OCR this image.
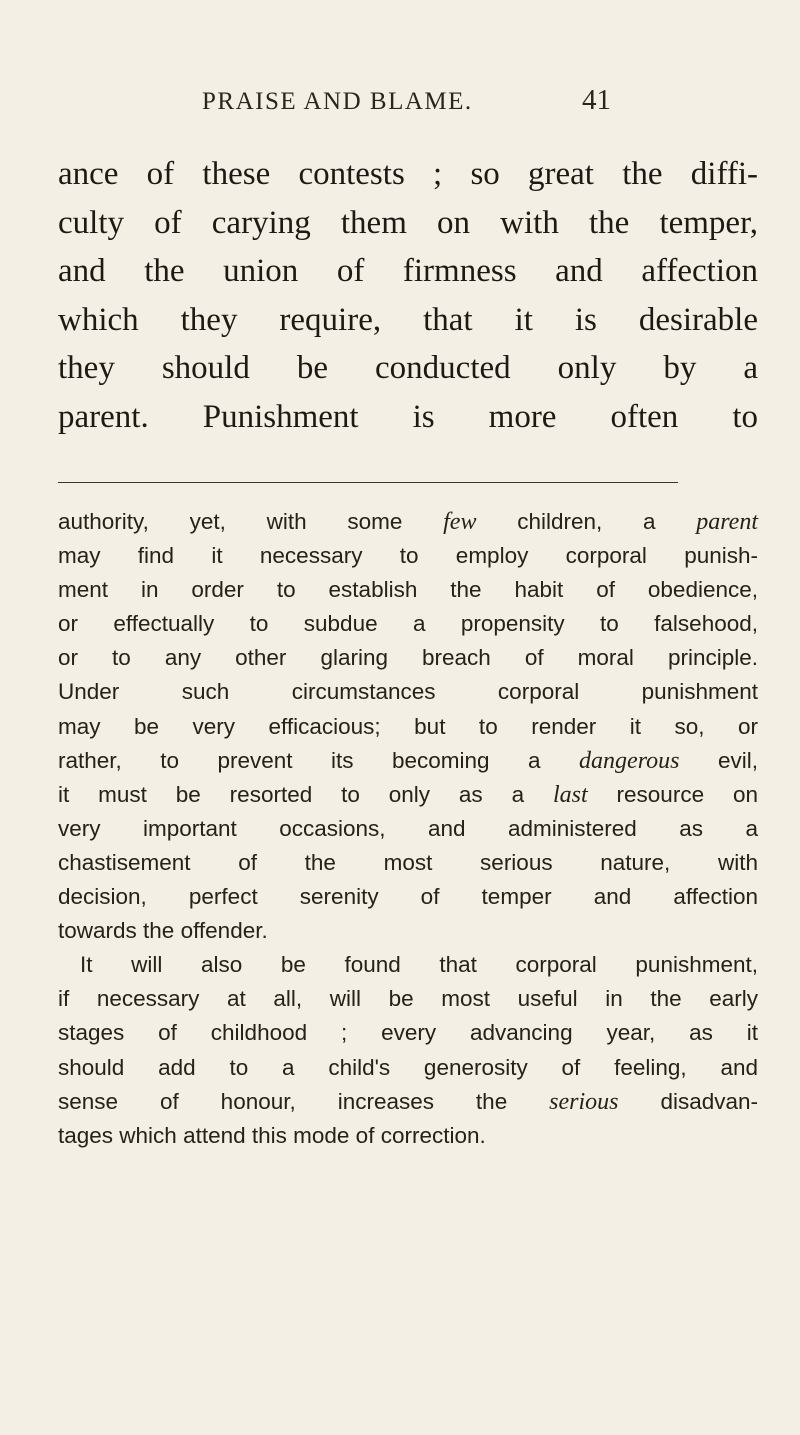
PRAISE AND BLAME.	41
ance of these contests ; so great the diffi-
culty of carying them on with the temper,
and the union of firmness and affection
which they require, that it is desirable
they should be conducted only by a
parent. Punishment is more often to
authority, yet, with some few children, a parent
may find it necessary to employ corporal punish-
ment in order to establish the habit of obedience,
or effectually to subdue a propensity to falsehood,
or to any other glaring breach of moral principle.
Under such circumstances corporal punishment
may be very efficacious; but to render it so, or
rather, to prevent its becoming a dangerous evil,
it must be resorted to only as a last resource on
very important occasions, and administered as a
chastisement of the most serious nature, with
decision, perfect serenity of temper and affection
towards the offender.
It will also be found that corporal punishment,
if necessary at all, will be most useful in the early
stages of childhood ; every advancing year, as it
should add to a child's generosity of feeling, and
sense of honour, increases the serious disadvan-
tages which attend this mode of correction.
